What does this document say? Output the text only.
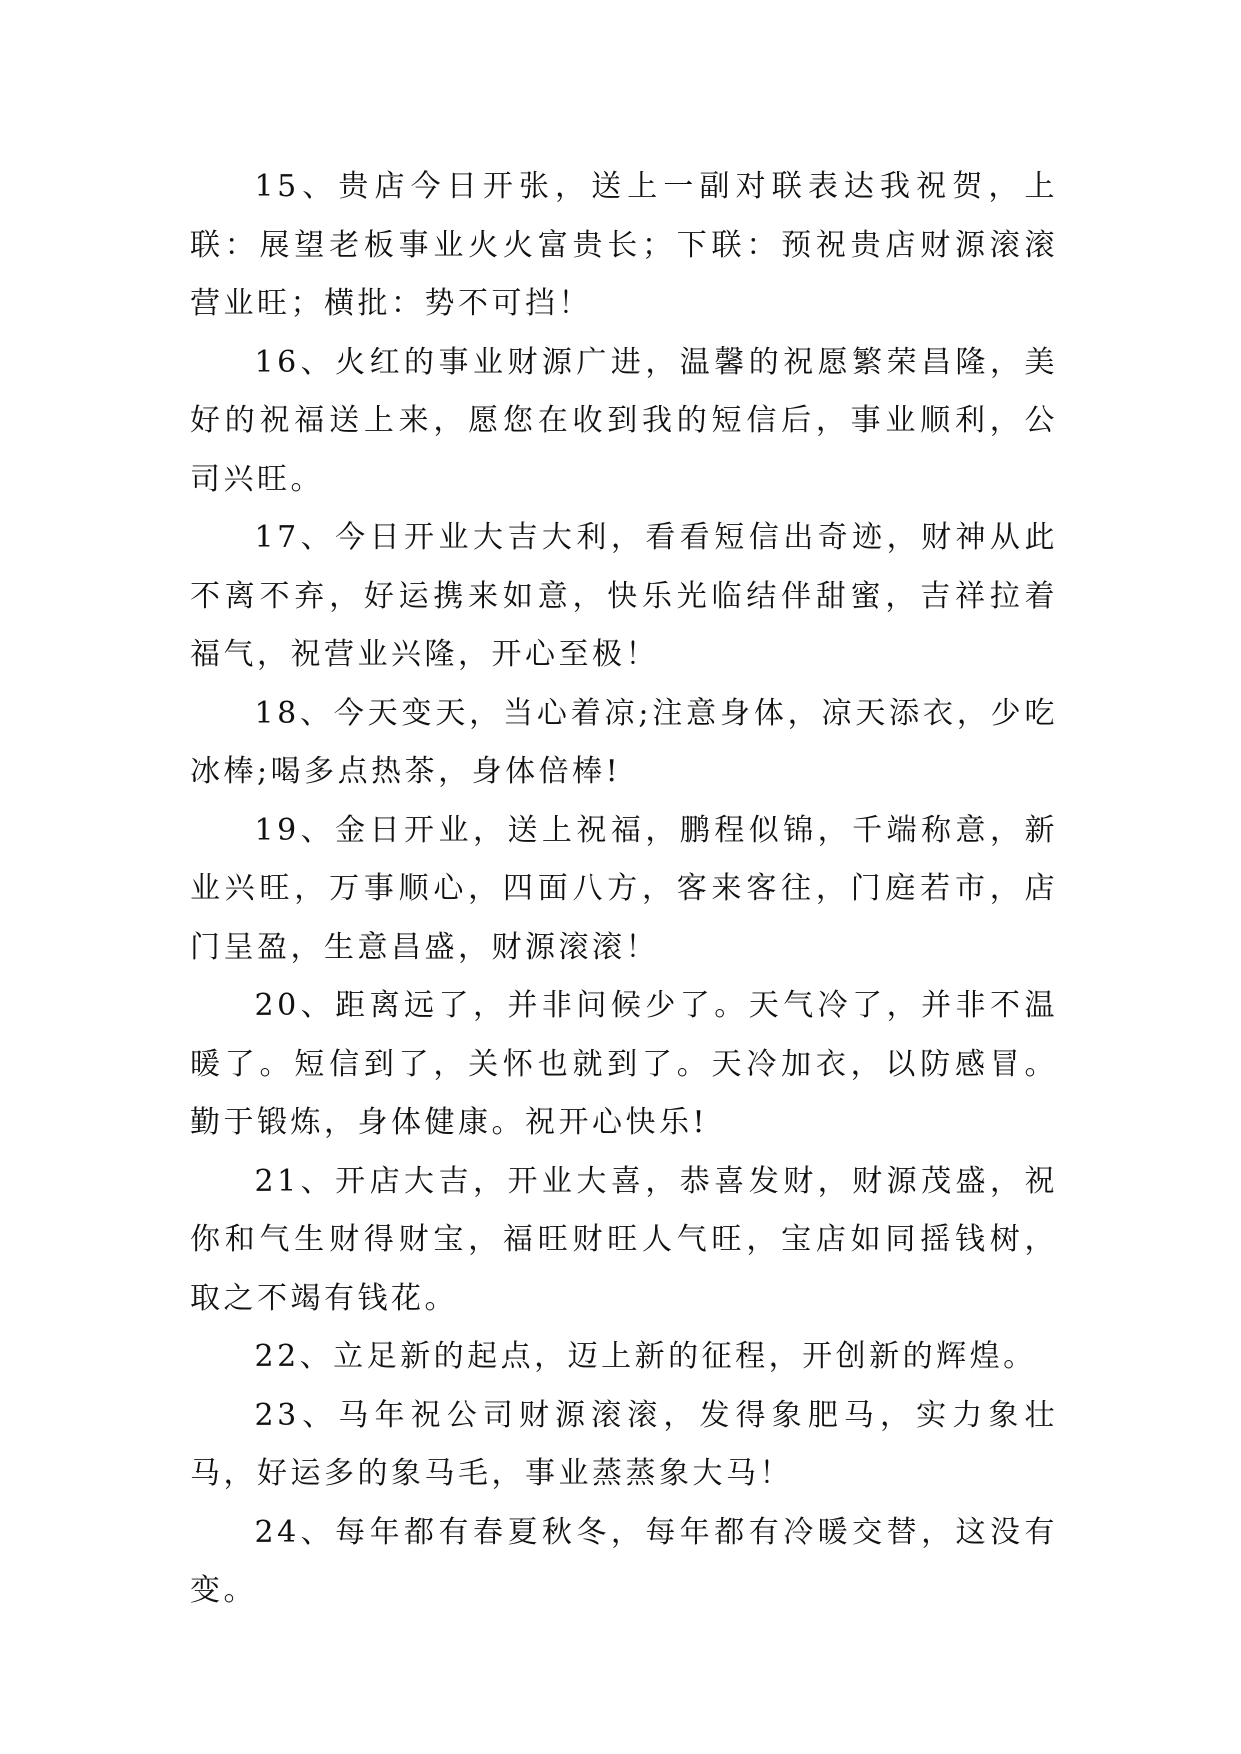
15、贵店今日开张，送上一副对联表达我祝贺，上联：展望老板事业火火富贵长；下联：预祝贵店财源滚滚营业旺；横批：势不可挡！

16、火红的事业财源广进，温馨的祝愿繁荣昌隆，美好的祝福送上来，愿您在收到我的短信后，事业顺利，公司兴旺。

17、今日开业大吉大利，看看短信出奇迹，财神从此不离不弃，好运携来如意，快乐光临结伴甜蜜，吉祥拉着福气，祝营业兴隆，开心至极！

18、今天变天，当心着凉;注意身体，凉天添衣，少吃冰棒;喝多点热茶，身体倍棒!

19、金日开业，送上祝福，鹏程似锦，千端称意，新业兴旺，万事顺心，四面八方，客来客往，门庭若市，店门呈盈，生意昌盛，财源滚滚！

20、距离远了，并非问候少了。天气冷了，并非不温暖了。短信到了，关怀也就到了。天冷加衣，以防感冒。勤于锻炼，身体健康。祝开心快乐!

21、开店大吉，开业大喜，恭喜发财，财源茂盛，祝你和气生财得财宝，福旺财旺人气旺，宝店如同摇钱树，取之不竭有钱花。

22、立足新的起点，迈上新的征程，开创新的辉煌。

23、马年祝公司财源滚滚，发得象肥马，实力象壮马，好运多的象马毛，事业蒸蒸象大马！

24、每年都有春夏秋冬，每年都有冷暖交替，这没有变。
